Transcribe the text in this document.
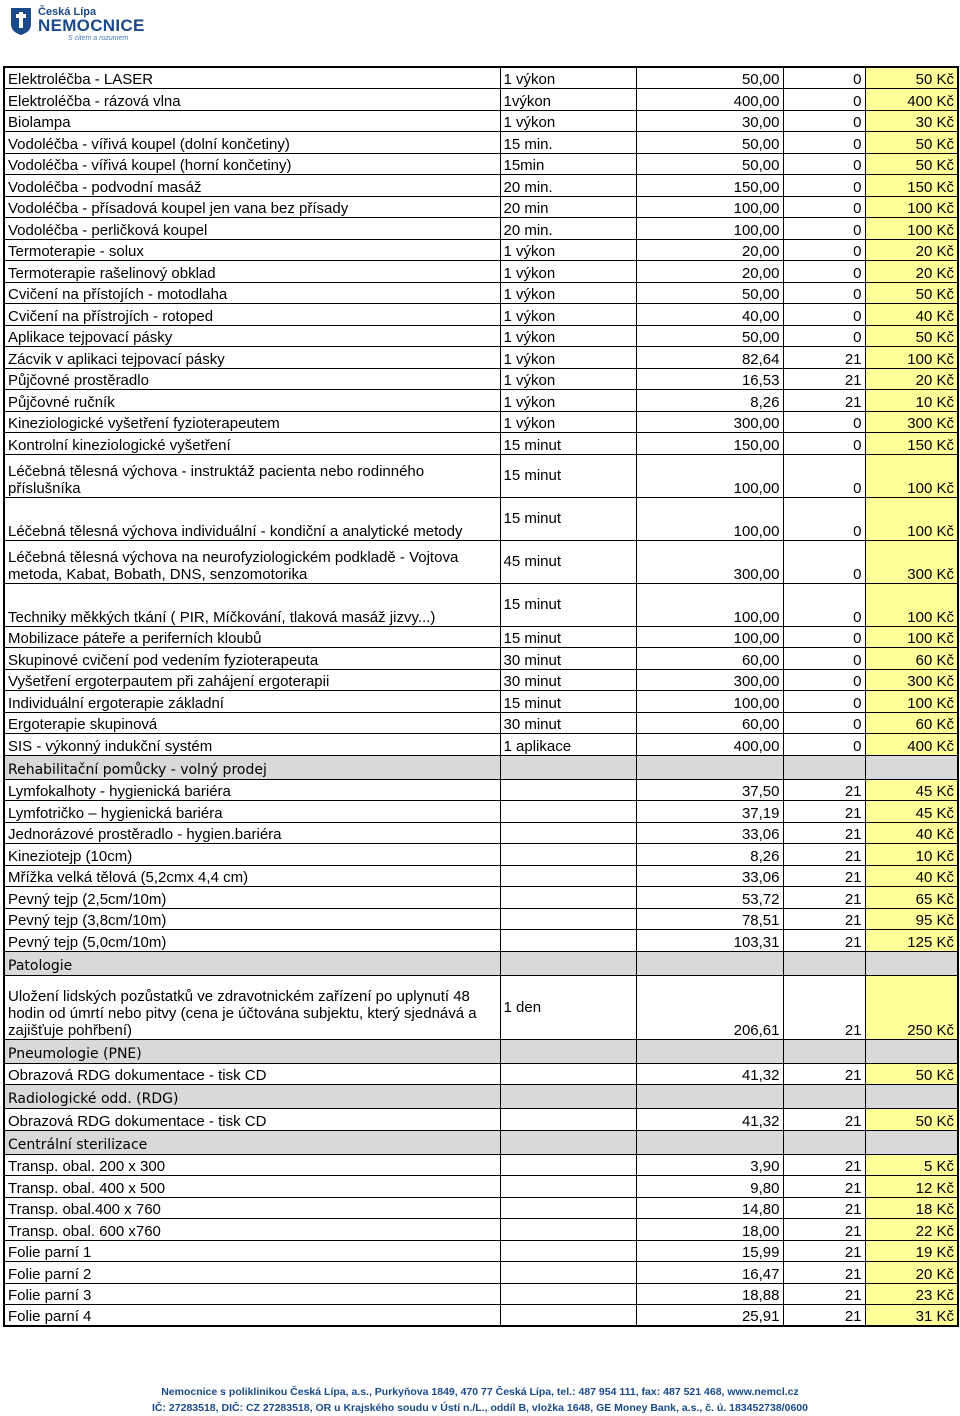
Česká Lípa
NEMOCNICE
S citem a rozumem
Elektroléčba - LASER	1 výkon	50,00	0	50 Kč
Elektroléčba - rázová vlna	1výkon	400,00	0	400 Kč
Biolampa	1 výkon	30,00	0	30 Kč
Vodoléčba - vířivá koupel (dolní končetiny)	15 min.	50,00	0	50 Kč
Vodoléčba - vířivá koupel (horní končetiny)	15min	50,00	0	50 Kč
Vodoléčba - podvodní masáž	20 min.	150,00	0	150 Kč
Vodoléčba - přísadová koupel jen vana bez přísady	20 min	100,00	0	100 Kč
Vodoléčba - perličková koupel	20 min.	100,00	0	100 Kč
Termoterapie - solux	1 výkon	20,00	0	20 Kč
Termoterapie rašelinový obklad	1 výkon	20,00	0	20 Kč
Cvičení na přístojích - motodlaha	1 výkon	50,00	0	50 Kč
Cvičení na přístrojích - rotoped	1 výkon	40,00	0	40 Kč
Aplikace tejpovací pásky	1 výkon	50,00	0	50 Kč
Zácvik v aplikaci tejpovací pásky	1 výkon	82,64	21	100 Kč
Půjčovné prostěradlo	1 výkon	16,53	21	20 Kč
Půjčovné ručník	1 výkon	8,26	21	10 Kč
Kineziologické vyšetření fyzioterapeutem	1 výkon	300,00	0	300 Kč
Kontrolní kineziologické vyšetření	15 minut	150,00	0	150 Kč
Léčebná tělesná výchova - instruktáž pacienta nebo rodinného příslušníka	15 minut	100,00	0	100 Kč
Léčebná tělesná výchova individuální - kondiční a analytické metody	15 minut	100,00	0	100 Kč
Léčebná tělesná výchova na neurofyziologickém podkladě - Vojtova metoda, Kabat, Bobath, DNS, senzomotorika	45 minut	300,00	0	300 Kč
Techniky měkkých tkání ( PIR, Míčkování, tlaková masáž jizvy...)	15 minut	100,00	0	100 Kč
Mobilizace páteře a periferních kloubů	15 minut	100,00	0	100 Kč
Skupinové cvičení pod vedením fyzioterapeuta	30 minut	60,00	0	60 Kč
Vyšetření ergoterpautem při zahájení ergoterapii	30 minut	300,00	0	300 Kč
Individuální ergoterapie základní	15 minut	100,00	0	100 Kč
Ergoterapie skupinová	30 minut	60,00	0	60 Kč
SIS - výkonný indukční systém	1 aplikace	400,00	0	400 Kč
Rehabilitační pomůcky - volný prodej				
Lymfokalhoty - hygienická bariéra		37,50	21	45 Kč
Lymfotričko – hygienická bariéra		37,19	21	45 Kč
Jednorázové prostěradlo - hygien.bariéra		33,06	21	40 Kč
Kineziotejp (10cm)		8,26	21	10 Kč
Mřížka velká tělová (5,2cmx 4,4 cm)		33,06	21	40 Kč
Pevný tejp (2,5cm/10m)		53,72	21	65 Kč
Pevný tejp (3,8cm/10m)		78,51	21	95 Kč
Pevný tejp (5,0cm/10m)		103,31	21	125 Kč
Patologie				
Uložení lidských pozůstatků ve zdravotnickém zařízení po uplynutí 48 hodin od úmrtí nebo pitvy (cena je účtována subjektu, který sjednává a zajišťuje pohřbení)	1 den	206,61	21	250 Kč
Pneumologie (PNE)				
Obrazová RDG dokumentace - tisk CD		41,32	21	50 Kč
Radiologické odd. (RDG)				
Obrazová RDG dokumentace - tisk CD		41,32	21	50 Kč
Centrální sterilizace				
Transp. obal. 200 x 300		3,90	21	5 Kč
Transp. obal. 400 x 500		9,80	21	12 Kč
Transp. obal.400 x 760		14,80	21	18 Kč
Transp. obal. 600 x760		18,00	21	22 Kč
Folie parní 1		15,99	21	19 Kč
Folie parní 2		16,47	21	20 Kč
Folie parní 3		18,88	21	23 Kč
Folie parní 4		25,91	21	31 Kč
Nemocnice s poliklinikou Česká Lípa, a.s., Purkyňova 1849, 470 77 Česká Lípa, tel.: 487 954 111, fax: 487 521 468, www.nemcl.cz
IČ: 27283518, DIČ: CZ 27283518, OR u Krajského soudu v Ústí n./L., oddíl B, vložka 1648, GE Money Bank, a.s., č. ú. 183452738/0600
